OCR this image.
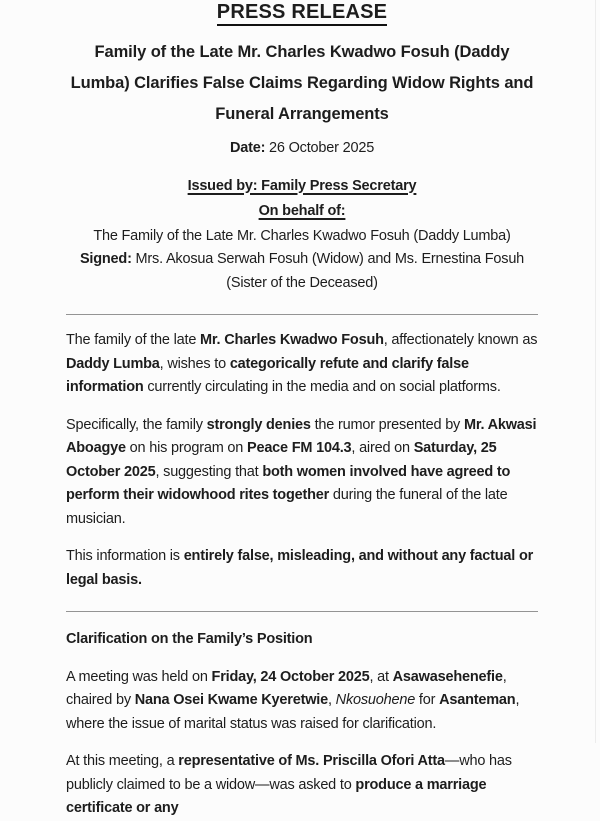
PRESS RELEASE
Family of the Late Mr. Charles Kwadwo Fosuh (Daddy Lumba) Clarifies False Claims Regarding Widow Rights and Funeral Arrangements

Date: 26 October 2025

Issued by: Family Press Secretary

On behalf of:

The Family of the Late Mr. Charles Kwadwo Fosuh (Daddy Lumba)

Signed: Mrs. Akosua Serwah Fosuh (Widow) and Ms. Ernestina Fosuh (Sister of the Deceased)

The family of the late Mr. Charles Kwadwo Fosuh, affectionately known as Daddy Lumba, wishes to categorically refute and clarify false information currently circulating in the media and on social platforms.

Specifically, the family strongly denies the rumor presented by Mr. Akwasi Aboagye on his program on Peace FM 104.3, aired on Saturday, 25 October 2025, suggesting that both women involved have agreed to perform their widowhood rites together during the funeral of the late musician.

This information is entirely false, misleading, and without any factual or legal basis.

Clarification on the Family’s Position

A meeting was held on Friday, 24 October 2025, at Asawasehenefie, chaired by Nana Osei Kwame Kyeretwie, Nkosuohene for Asanteman, where the issue of marital status was raised for clarification.

At this meeting, a representative of Ms. Priscilla Ofori Atta—who has publicly claimed to be a widow—was asked to produce a marriage certificate or any
